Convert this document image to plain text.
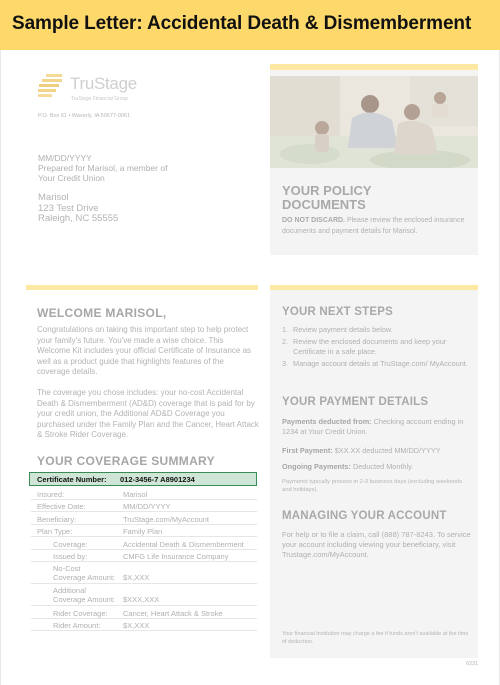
Sample Letter: Accidental Death & Dismemberment
TruStage
TruStage Financial Group
P.O. Box 61 • Waverly, IA 50677-0061
MM/DD/YYYY
Prepared for Marisol, a member of
Your Credit Union
Marisol
123 Test Drive
Raleigh, NC 55555
YOUR POLICY
DOCUMENTS
DO NOT DISCARD. Please review the enclosed insurance documents and payment details for Marisol.
WELCOME MARISOL,
Congratulations on taking this important step to help protect your family's future. You've made a wise choice. This Welcome Kit includes your official Certificate of Insurance as well as a product guide that highlights features of the coverage details.
The coverage you chose includes: your no-cost Accidental Death & Dismemberment (AD&D) coverage that is paid for by your credit union, the Additional AD&D Coverage you purchased under the Family Plan and the Cancer, Heart Attack & Stroke Rider Coverage.
YOUR COVERAGE SUMMARY
Certificate Number: 012-3456-7 A8901234
Insured:	Marisol
Effective Date:	MM/DD/YYYY
Beneficiary:	TruStage.com/MyAccount
Plan Type:	Family Plan
Coverage:	Accidental Death & Dismemberment
Issued by:	CMFG Life Insurance Company
No-Cost
Coverage Amount: $X,XXX
Additional
Coverage Amount: $XXX,XXX
Rider Coverage: Cancer, Heart Attack & Stroke
Rider Amount:	$X,XXX
YOUR NEXT STEPS
1. Review payment details below.
2. Review the enclosed documents and keep your Certificate in a safe place.
3. Manage account details at TruStage.com/ MyAccount.
YOUR PAYMENT DETAILS
Payments deducted from: Checking account ending in 1234 at Your Credit Union.
First Payment: $XX.XX deducted MM/DD/YYYY
Ongoing Payments: Deducted Monthly.
Payments typically process in 2-3 business days (excluding weekends and holidays).
MANAGING YOUR ACCOUNT
For help or to file a claim, call (888) 787-8243. To service your account including viewing your beneficiary, visit Trustage.com/MyAccount.
Your financial institution may charge a fee if funds aren't available at the time of deduction.
6231
